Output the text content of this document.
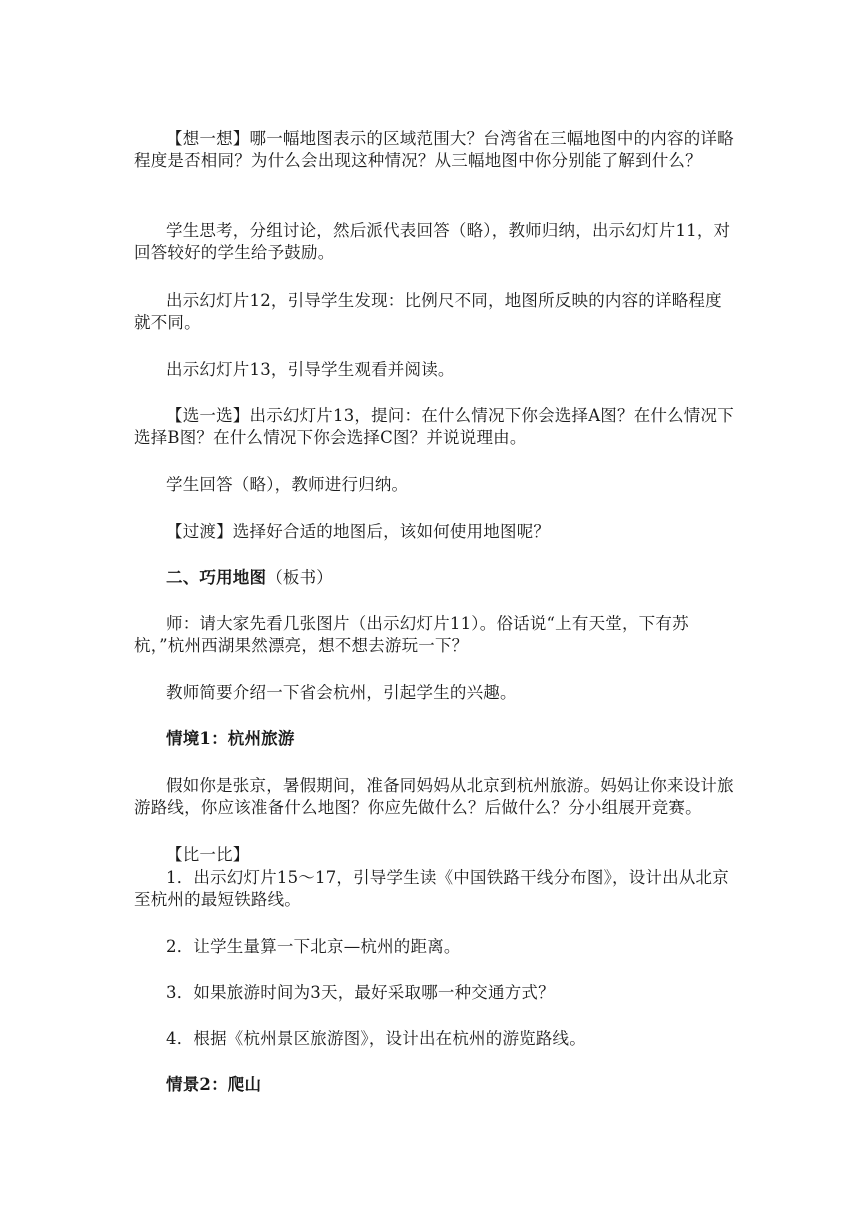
【想一想】哪一幅地图表示的区域范围大？台湾省在三幅地图中的内容的详略程度是否相同？为什么会出现这种情况？从三幅地图中你分别能了解到什么？

学生思考，分组讨论，然后派代表回答（略），教师归纳，出示幻灯片11，对回答较好的学生给予鼓励。

出示幻灯片12，引导学生发现：比例尺不同，地图所反映的内容的详略程度就不同。

出示幻灯片13，引导学生观看并阅读。

【选一选】出示幻灯片13，提问：在什么情况下你会选择A图？在什么情况下选择B图？在什么情况下你会选择C图？并说说理由。

学生回答（略），教师进行归纳。

【过渡】选择好合适的地图后，该如何使用地图呢？

二、巧用地图（板书）

师：请大家先看几张图片（出示幻灯片11）。俗话说“上有天堂，下有苏杭，”杭州西湖果然漂亮，想不想去游玩一下？

教师简要介绍一下省会杭州，引起学生的兴趣。

情境1：杭州旅游

假如你是张京，暑假期间，准备同妈妈从北京到杭州旅游。妈妈让你来设计旅游路线，你应该准备什么地图？你应先做什么？后做什么？分小组展开竞赛。

【比一比】

1．出示幻灯片15～17，引导学生读《中国铁路干线分布图》，设计出从北京至杭州的最短铁路线。

2．让学生量算一下北京—杭州的距离。

3．如果旅游时间为3天，最好采取哪一种交通方式？

4．根据《杭州景区旅游图》，设计出在杭州的游览路线。

情景2：爬山
